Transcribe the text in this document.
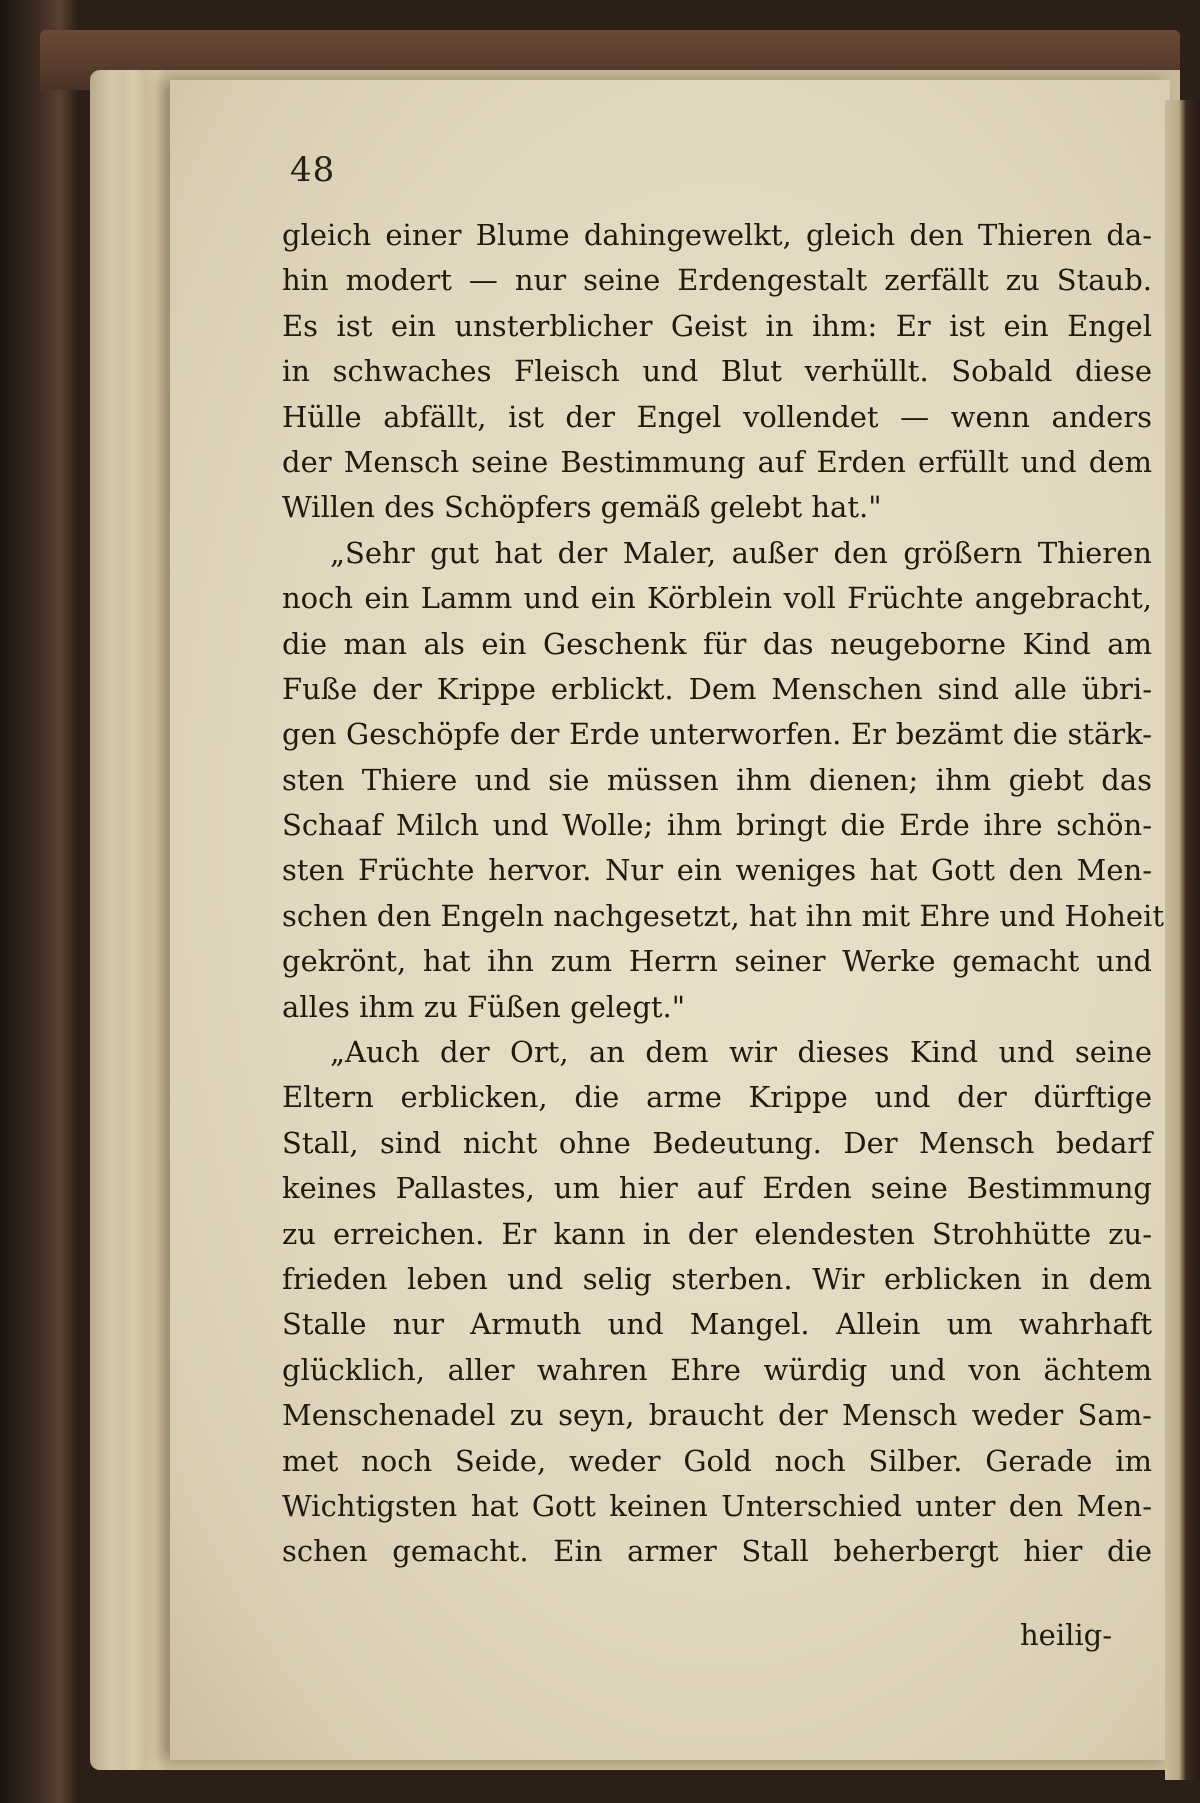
48

gleich einer Blume dahingewelkt, gleich den Thieren da-
hin modert — nur seine Erdengestalt zerfällt zu Staub.
Es ist ein unsterblicher Geist in ihm: Er ist ein Engel
in schwaches Fleisch und Blut verhüllt. Sobald diese
Hülle abfällt, ist der Engel vollendet — wenn anders
der Mensch seine Bestimmung auf Erden erfüllt und dem
Willen des Schöpfers gemäß gelebt hat."
„Sehr gut hat der Maler, außer den größern Thieren
noch ein Lamm und ein Körblein voll Früchte angebracht,
die man als ein Geschenk für das neugeborne Kind am
Fuße der Krippe erblickt. Dem Menschen sind alle übri-
gen Geschöpfe der Erde unterworfen. Er bezämt die stärk-
sten Thiere und sie müssen ihm dienen; ihm giebt das
Schaaf Milch und Wolle; ihm bringt die Erde ihre schön-
sten Früchte hervor. Nur ein weniges hat Gott den Men-
schen den Engeln nachgesetzt, hat ihn mit Ehre und Hoheit
gekrönt, hat ihn zum Herrn seiner Werke gemacht und
alles ihm zu Füßen gelegt."
„Auch der Ort, an dem wir dieses Kind und seine
Eltern erblicken, die arme Krippe und der dürftige
Stall, sind nicht ohne Bedeutung. Der Mensch bedarf
keines Pallastes, um hier auf Erden seine Bestimmung
zu erreichen. Er kann in der elendesten Strohhütte zu-
frieden leben und selig sterben. Wir erblicken in dem
Stalle nur Armuth und Mangel. Allein um wahrhaft
glücklich, aller wahren Ehre würdig und von ächtem
Menschenadel zu seyn, braucht der Mensch weder Sam-
met noch Seide, weder Gold noch Silber. Gerade im
Wichtigsten hat Gott keinen Unterschied unter den Men-
schen gemacht. Ein armer Stall beherbergt hier die

heilig-
